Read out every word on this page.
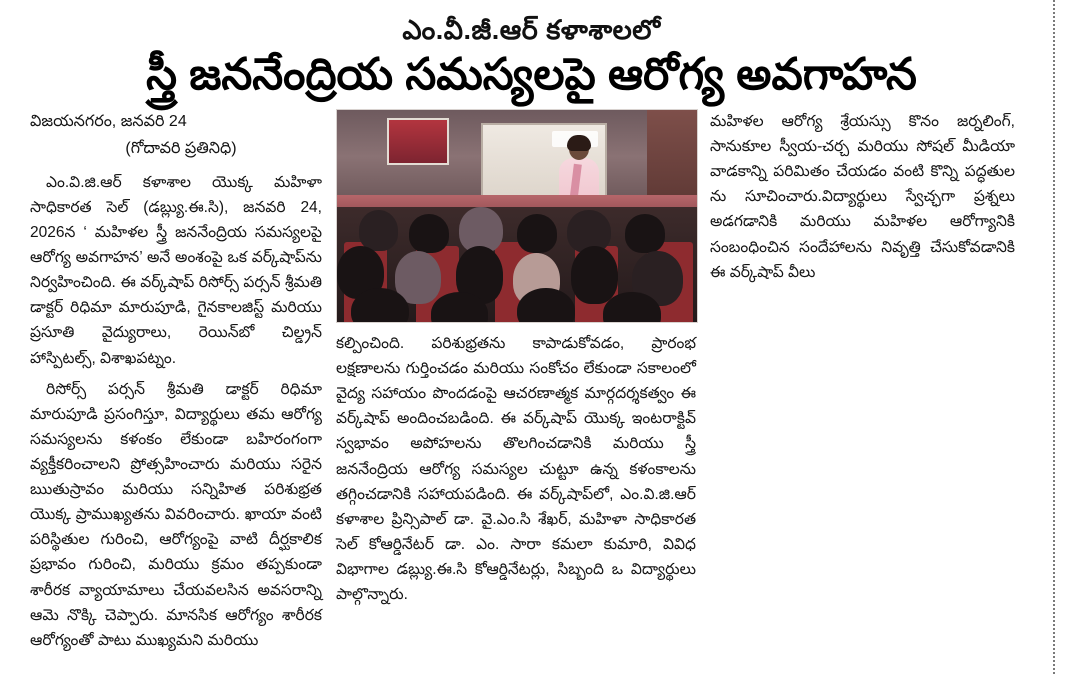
ఎం.వీ.జీ.ఆర్ కళాశాలలో
స్త్రీ జననేంద్రియ సమస్యలపై ఆరోగ్య అవగాహన
విజయనగరం, జనవరి 24
(గోదావరి ప్రతినిధి)

ఎం.వి.జి.ఆర్ కళాశాల యొక్క మహిళా సాధికారత సెల్ (డబ్ల్యు.ఈ.సి), జనవరి 24, 2026న ‘ మహిళల స్త్రీ జననేంద్రియ సమస్యలపై ఆరోగ్య అవగాహన’ అనే అంశంపై ఒక వర్క్‌షాప్‌ను నిర్వహించింది. ఈ వర్క్‌షాప్ రిసోర్స్ పర్సన్ శ్రీమతి డాక్టర్ రిధిమా మారుపూడి, గైనకాలజిస్ట్ మరియు ప్రసూతి వైద్యురాలు, రెయిన్‌బో చిల్డ్రన్ హాస్పిటల్స్, విశాఖపట్నం.

రిసోర్స్ పర్సన్ శ్రీమతి డాక్టర్ రిధిమా మారుపూడి ప్రసంగిస్తూ, విద్యార్థులు తమ ఆరోగ్య సమస్యలను కళంకం లేకుండా బహిరంగంగా వ్యక్తీకరించాలని ప్రోత్సహించారు మరియు సరైన ఋతుస్రావం మరియు సన్నిహిత పరిశుభ్రత యొక్క ప్రాముఖ్యతను వివరించారు. ఖాయా వంటి పరిస్థితుల గురించి, ఆరోగ్యంపై వాటి దీర్ఘకాలిక ప్రభావం గురించి, మరియు క్రమం తప్పకుండా శారీరక వ్యాయామాలు చేయవలసిన అవసరాన్ని ఆమె నొక్కి చెప్పారు. మానసిక ఆరోగ్యం శారీరక ఆరోగ్యంతో పాటు ముఖ్యమని మరియు

కల్పించింది. పరిశుభ్రతను కాపాడుకోవడం, ప్రారంభ లక్షణాలను గుర్తించడం మరియు సంకోచం లేకుండా సకాలంలో వైద్య సహాయం పొందడంపై ఆచరణాత్మక మార్గదర్శకత్వం ఈ వర్క్‌షాప్ అందించబడింది. ఈ వర్క్‌షాప్ యొక్క ఇంటరాక్టివ్ స్వభావం అపోహలను తొలగించడానికి మరియు స్త్రీ జననేంద్రియ ఆరోగ్య సమస్యల చుట్టూ ఉన్న కళంకాలను తగ్గించడానికి సహాయపడింది. ఈ వర్క్‌షాప్‌లో, ఎం.వి.జి.ఆర్ కళాశాల ప్రిన్సిపాల్ డా. వై.ఎం.సి శేఖర్, మహిళా సాధికారత సెల్ కోఆర్డినేటర్ డా. ఎం. సారా కమలా కుమారి, వివిధ విభాగాల డబ్ల్యు.ఈ.సి కోఆర్డినేటర్లు, సిబ్బంది ఒ విద్యార్థులు పాల్గొన్నారు.

మహిళల ఆరోగ్య శ్రేయస్సు కొనం జర్నలింగ్, సానుకూల స్వీయ-చర్చ మరియు సోషల్ మీడియా వాడకాన్ని పరిమితం చేయడం వంటి కొన్ని పద్ధతుల ను సూచించారు.విద్యార్థులు స్వేచ్ఛగా ప్రశ్నలు అడగడానికి మరియు మహిళల ఆరోగ్యానికి సంబంధించిన సందేహాలను నివృత్తి చేసుకోవడానికి ఈ వర్క్‌షాప్ వీలు
